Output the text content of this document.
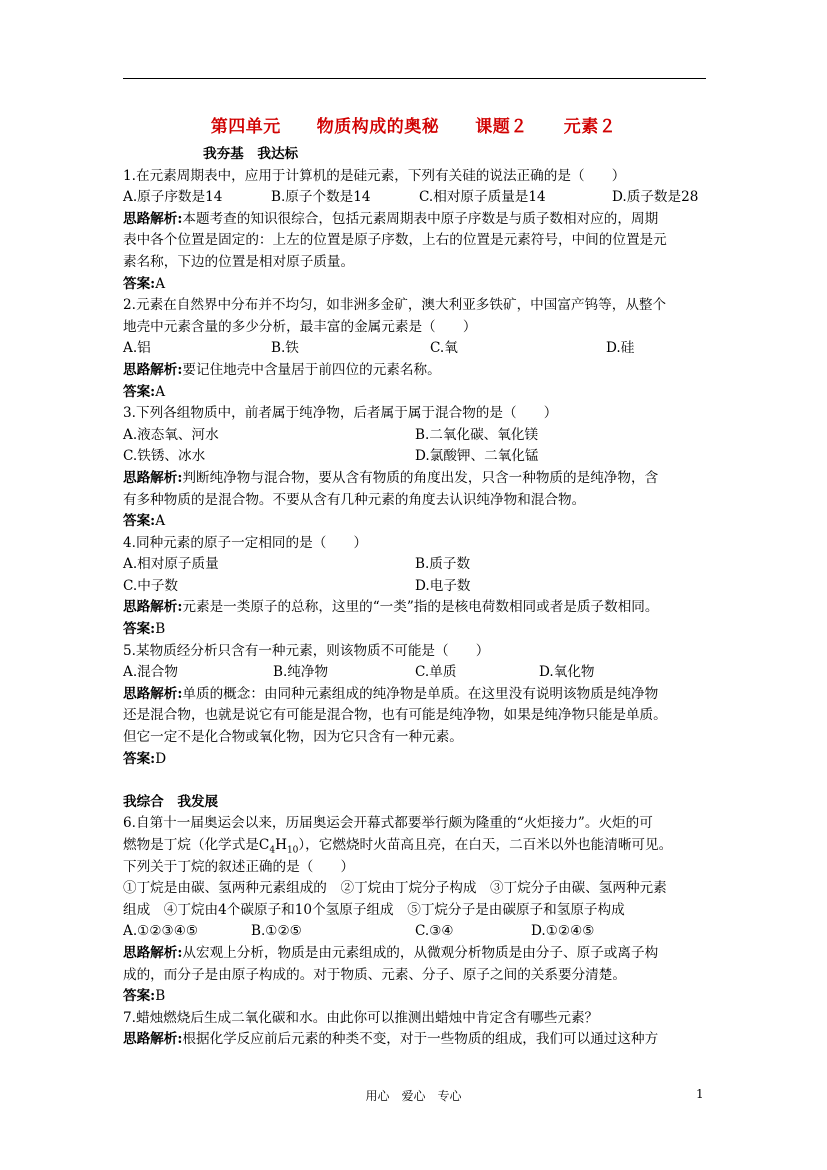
第四单元 物质构成的奥秘 课题２ 元素２
我夯基　我达标
1.在元素周期表中，应用于计算机的是硅元素，下列有关硅的说法正确的是（　　）
A.原子序数是14	B.原子个数是14	C.相对原子质量是14	D.质子数是28
思路解析:本题考查的知识很综合，包括元素周期表中原子序数是与质子数相对应的，周期
表中各个位置是固定的：上左的位置是原子序数，上右的位置是元素符号，中间的位置是元
素名称，下边的位置是相对原子质量。
答案:A
2.元素在自然界中分布并不均匀，如非洲多金矿，澳大利亚多铁矿，中国富产钨等，从整个
地壳中元素含量的多少分析，最丰富的金属元素是（　　）
A.铝	B.铁	C.氧	D.硅
思路解析:要记住地壳中含量居于前四位的元素名称。
答案:A
3.下列各组物质中，前者属于纯净物，后者属于属于混合物的是（　　）
A.液态氧、河水	B.二氧化碳、氧化镁
C.铁锈、冰水	D.氯酸钾、二氧化锰
思路解析:判断纯净物与混合物，要从含有物质的角度出发，只含一种物质的是纯净物，含
有多种物质的是混合物。不要从含有几种元素的角度去认识纯净物和混合物。
答案:A
4.同种元素的原子一定相同的是（　　）
A.相对原子质量	B.质子数
C.中子数	D.电子数
思路解析:元素是一类原子的总称，这里的“一类”指的是核电荷数相同或者是质子数相同。
答案:B
5.某物质经分析只含有一种元素，则该物质不可能是（　　）
A.混合物	B.纯净物	C.单质	D.氧化物
思路解析:单质的概念：由同种元素组成的纯净物是单质。在这里没有说明该物质是纯净物
还是混合物，也就是说它有可能是混合物，也有可能是纯净物，如果是纯净物只能是单质。
但它一定不是化合物或氧化物，因为它只含有一种元素。
答案:D
我综合　我发展
6.自第十一届奥运会以来，历届奥运会开幕式都要举行颇为隆重的“火炬接力”。火炬的可
燃物是丁烷（化学式是$C_4H_{10}$），它燃烧时火苗高且亮，在白天，二百米以外也能清晰可见。
下列关于丁烷的叙述正确的是（　　）
①丁烷是由碳、氢两种元素组成的　②丁烷由丁烷分子构成　③丁烷分子由碳、氢两种元素
组成　④丁烷由4个碳原子和10个氢原子组成　⑤丁烷分子是由碳原子和氢原子构成
A.①②③④⑤	B.①②⑤	C.③④	D.①②④⑤
思路解析:从宏观上分析，物质是由元素组成的，从微观分析物质是由分子、原子或离子构
成的，而分子是由原子构成的。对于物质、元素、分子、原子之间的关系要分清楚。
答案:B
7.蜡烛燃烧后生成二氧化碳和水。由此你可以推测出蜡烛中肯定含有哪些元素？
思路解析:根据化学反应前后元素的种类不变，对于一些物质的组成，我们可以通过这种方
用心　爱心　专心	1
